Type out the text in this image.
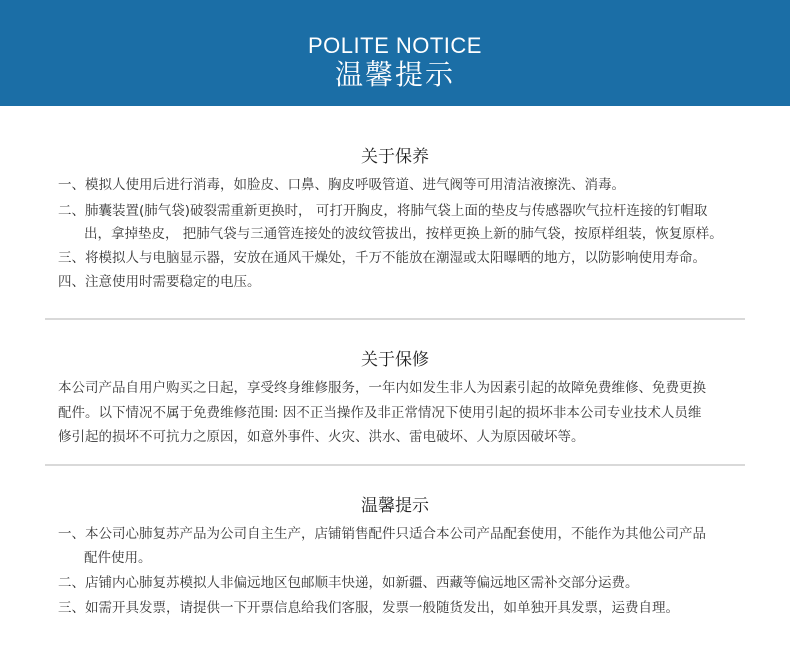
POLITE NOTICE
温馨提示
关于保养
一、模拟人使用后进行消毒，如脸皮、口鼻、胸皮呼吸管道、进气阀等可用清洁液擦洗、消毒。
二、肺囊装置(肺气袋)破裂需重新更换时， 可打开胸皮，将肺气袋上面的垫皮与传感器吹气拉杆连接的钉帽取
出，拿掉垫皮， 把肺气袋与三通管连接处的波纹管拔出，按样更换上新的肺气袋，按原样组装，恢复原样。
三、将模拟人与电脑显示器，安放在通风干燥处，千万不能放在潮湿或太阳曝晒的地方，以防影响使用寿命。
四、注意使用时需要稳定的电压。
关于保修
本公司产品自用户购买之日起，享受终身维修服务，一年内如发生非人为因素引起的故障免费维修、免费更换
配件。以下情况不属于免费维修范围: 因不正当操作及非正常情况下使用引起的损坏非本公司专业技术人员维
修引起的损坏不可抗力之原因，如意外事件、火灾、洪水、雷电破坏、人为原因破坏等。
温馨提示
一、本公司心肺复苏产品为公司自主生产，店铺销售配件只适合本公司产品配套使用，不能作为其他公司产品
配件使用。
二、店铺内心肺复苏模拟人非偏远地区包邮顺丰快递，如新疆、西藏等偏远地区需补交部分运费。
三、如需开具发票，请提供一下开票信息给我们客服，发票一般随货发出，如单独开具发票，运费自理。
